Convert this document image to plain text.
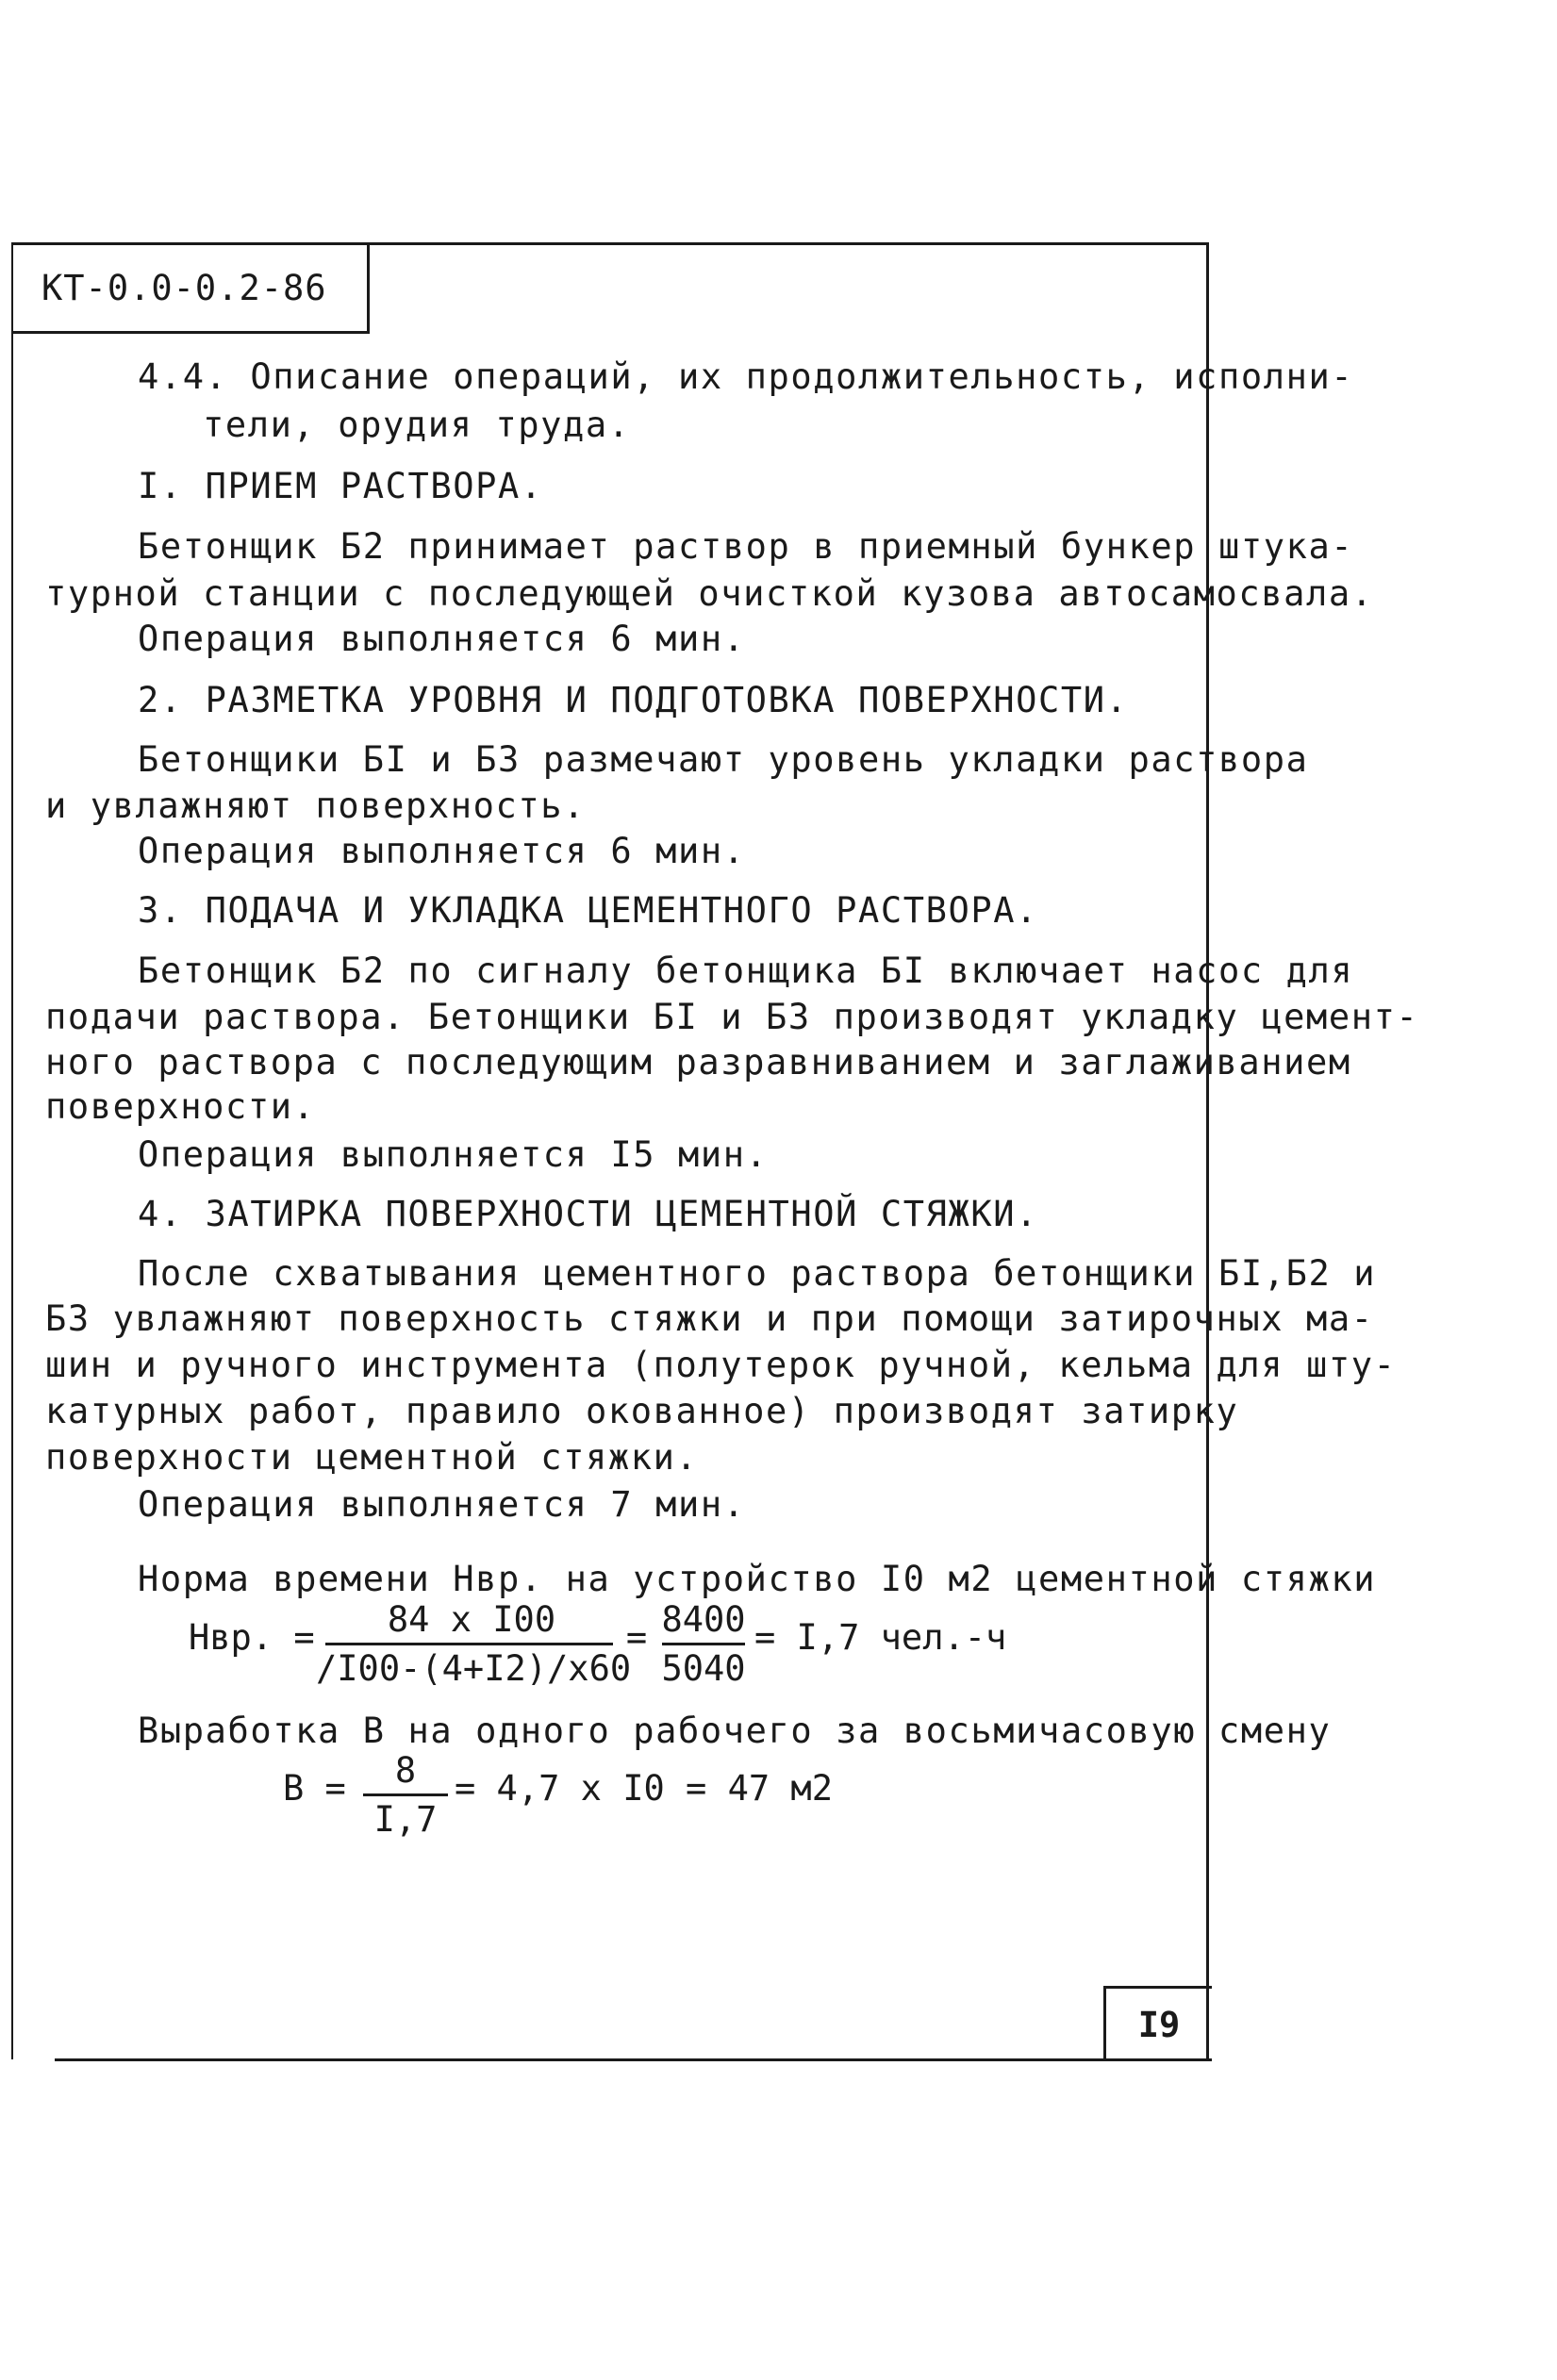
КТ-0.0-0.2-86
4.4. Описание операций, их продолжительность, исполни-
тели, орудия труда.
I. ПРИЕМ РАСТВОРА.
Бетонщик Б2 принимает раствор в приемный бункер штука-
турной станции с последующей очисткой кузова автосамосвала.
Операция выполняется 6 мин.
2. РАЗМЕТКА УРОВНЯ И ПОДГОТОВКА ПОВЕРХНОСТИ.
Бетонщики БI и Б3 размечают уровень укладки раствора
и увлажняют поверхность.
Операция выполняется 6 мин.
3. ПОДАЧА И УКЛАДКА ЦЕМЕНТНОГО РАСТВОРА.
Бетонщик Б2 по сигналу бетонщика БI включает насос для
подачи раствора. Бетонщики БI и Б3 производят укладку цемент-
ного раствора с последующим разравниванием и заглаживанием
поверхности.
Операция выполняется I5 мин.
4. ЗАТИРКА ПОВЕРХНОСТИ ЦЕМЕНТНОЙ СТЯЖКИ.
После схватывания цементного раствора бетонщики БI,Б2 и
Б3 увлажняют поверхность стяжки и при помощи затирочных ма-
шин и ручного инструмента (полутерок ручной, кельма для шту-
катурных работ, правило окованное) производят затирку
поверхности цементной стяжки.
Операция выполняется 7 мин.
Норма времени Нвр. на устройство I0 м2 цементной стяжки
Нвр. =	84 х I00
/I00-(4+I2)/х60
= 8400
5040
= I,7 чел.-ч
Выработка В на одного рабочего за восьмичасовую смену
В =	8
I,7
= 4,7 х I0 = 47 м2
I9
